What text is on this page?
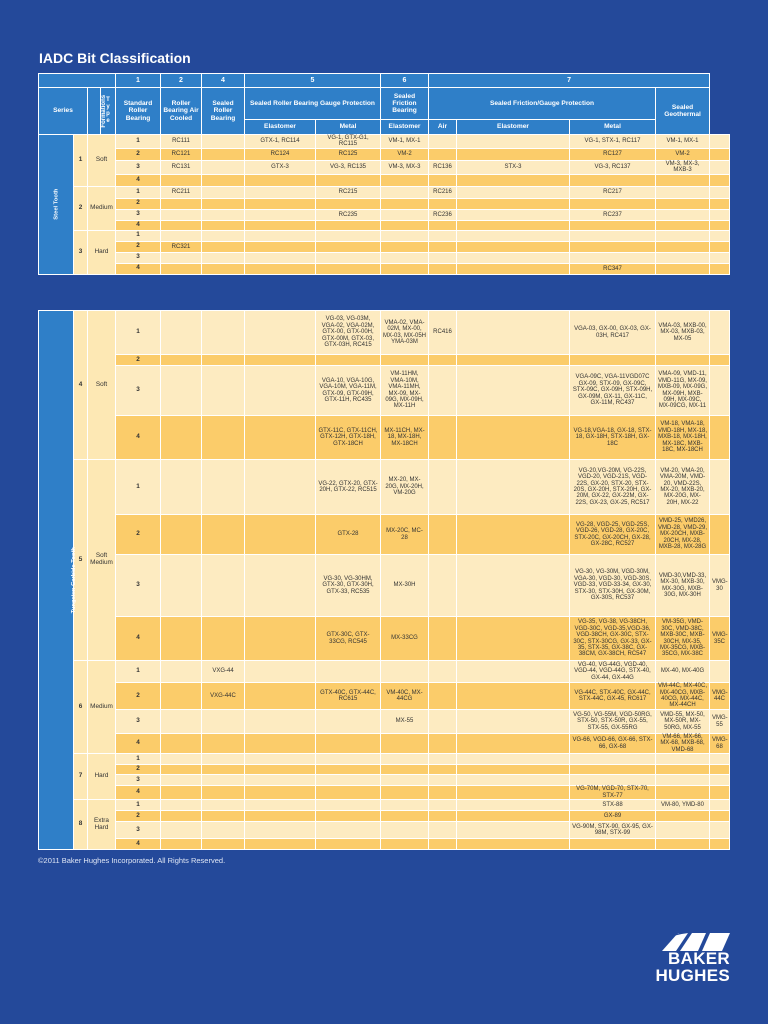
IADC Bit Classification
				1	2	4	5		6	7				
Series		Formations	Type	Standard Roller Bearing	Roller Bearing Air Cooled	Sealed Roller Bearing	Sealed Roller Bearing Gauge Protection		Sealed Friction Bearing	Sealed Friction/Gauge Protection			Sealed Geothermal	
							Elastomer	Metal	Elastomer	Air	Elastomer	Metal		
Steel Tooth	1	Soft		1	RC111		GTX-1, RC114	VG-1, GTX-G1, RC115	VM-1, MX-1			VG-1, STX-1, RC117	VM-1, MX-1	
				2	RC121		RC124	RC125	VM-2			RC127	VM-2	
				3	RC131		GTX-3	VG-3, RC135	VM-3, MX-3	RC136	STX-3	VG-3, RC137	VM-3, MX-3, MXB-3	
				4										
	2	Medium		1	RC211			RC215		RC216		RC217		
				2										
				3				RC235		RC236		RC237		
				4										
	3	Hard		1										
				2	RC321									
				3										
				4								RC347		
Tungsten Carbide Tooth	4	Soft	1				VG-03, VG-03M, VGA-02, VGA-02M, GTX-00, GTX-00H, GTX-00M, GTX-03, GTX-03H, RC415	VMA-02, VMA-02M, MX-00, MX-03, MX-05H YMA-03M	RC416		VGA-03, GX-00, GX-03, GX-03H, RC417	VMA-03, MXB-00, MX-03, MXB-03, MX-05	
			2										
			3				VGA-10, VGA-10G, VGA-10M, VGA-11M, GTX-09, GTX-09H, GTX-11H, RC435	VM-11HM, VMA-10M, VMA-11MH, MX-09, MX-09G, MX-09H, MX-11H			VGA-09C, VGA-11VGD07C GX-09, STX-09, GX-09C, STX-09C, GX-09H, STX-09H, GX-09M, GX-11, GX-11C, GX-11M, RC437	VMA-09, VMD-11, VMD-11G, MX-09, MXB-09, MX-09G, MX-09H, MXB-09H, MX-09C, MX-09CG, MX-11	
			4				GTX-11C, GTX-11CH, GTX-12H, GTX-18H, GTX-18CH	MX-11CH, MX-18, MX-18H, MX-18CH			VG-18,VGA-18, GX-18, STX-18, GX-18H, STX-18H, GX-18C	VM-18, VMA-18, VMD-18H, MX-18, MXB-18, MX-18H, MX-18C, MXB-18C, MX-18CH	
	5	Soft Medium	1				VG-22, GTX-20, GTX-20H, GTX-22, RC515	MX-20, MX-20G, MX-20H, VM-20G			VG-20,VG-20M, VG-22S, VGD-20, VGD-21S, VGD-22S, GX-20, STX-20, STX-20S, GX-20H, STX-20H, GX-20M, GX-22, GX-22M, GX-22S, GX-23, GX-25, RC517	VM-20, VMA-20, VMA-20M, VMD-20, VMD-22S, MX-20, MXB-20, MX-20G, MX-20H, MX-22	
			2				GTX-28	MX-20C, MC-28			VG-28, VGD-25, VGD-25S, VGD-26, VGD-28, GX-20C, STX-20C, GX-20CH, GX-28, GX-28C, RC527	VMD-25, VMD26, VMD-28, VMD-29, MX-20CH, MXB-20CH, MX-28, MXB-28, MX-28G	
			3				VG-30, VG-30HM, GTX-30, GTX-30H, GTX-33, RC535	MX-30H			VG-30, VG-30M, VGD-30M, VGA-30, VGD-30, VGD-30S, VGD-33, VGD-33-34, GX-30, STX-30, STX-30H, GX-30M, GX-30S, RC537	VMD-30,VMD-33, MX-30, MXB-30, MX-30G, MXB-30G, MX-30H	VMG-30
			4				GTX-30C, GTX-33CG, RC545	MX-33CG			VG-35, VG-38, VG-38CH, VGD-30C, VGD-35,VGD-36, VGD-38CH, GX-30C, STX-30C, STX-30CG, GX-33, GX-35, STX-35, GX-38C, GX-38CM, GX-38CH, RC547	VM-35G, VMD-30C, VMD-38C, MXB-30C, MXB-30CH, MX-35, MX-35CG, MXB-35CG, MX-38C	VMG-35C
	6	Medium	1		VXG-44						VG-40, VG-44G, VGD-40, VGD-44, VGD-44G, STX-40, GX-44, GX-44G	MX-40, MX-40G	
			2		VXG-44C		GTX-40C, GTX-44C, RC615	VM-40C, MX-44CG			VG-44C, STX-40C, GX-44C, STX-44C, GX-45, RC617	VM-44C, MX-40C, MX-40CG, MXB-40CG, MX-44C, MX-44CH	VMG-44C
			3					MX-55			VG-50, VG-55M, VGD-50RG, STX-50, STX-50R, GX-55, STX-55, GX-55RG	VMD-55, MX-50, MX-50R, MX-50RG, MX-55	VMG-55
			4								VG-66, VGD-66, GX-66, STX-66, GX-68	VM-66, MX-66, MX-68, MXB-68, VMD-68	VMG-68
	7	Hard	1										
			2										
			3										
			4								VG-70M, VGD-70, STX-70, STX-77		
	8	Extra Hard	1								STX-88	VM-80, YMD-80	
			2								GX-89		
			3								VG-90M, STX-90, GX-95, GX-98M, STX-99		
			4										

©2011 Baker Hughes Incorporated. All Rights Reserved.

BAKER

HUGHES
